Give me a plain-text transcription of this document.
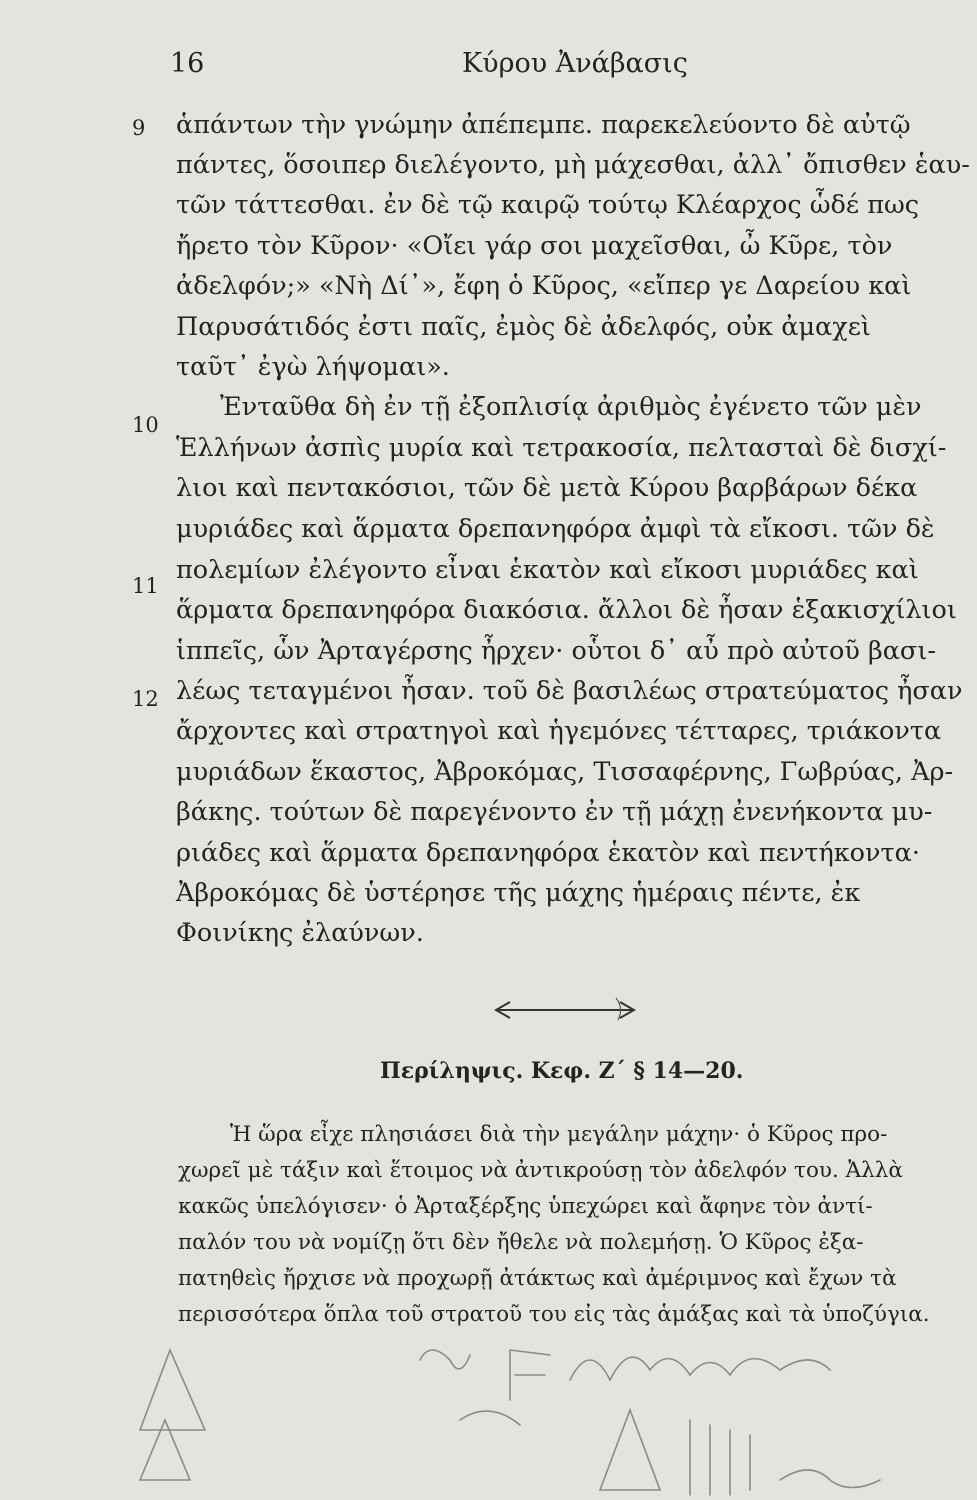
16	Κύρου Ἀνάβασις
9
10
11
12
ἁπάντων τὴν γνώμην ἀπέπεμπε. παρεκελεύοντο δὲ αὐτῷ
πάντες, ὅσοιπερ διελέγοντο, μὴ μάχεσθαι, ἀλλ᾽ ὄπισθεν ἑαυ-
τῶν τάττεσθαι. ἐν δὲ τῷ καιρῷ τούτῳ Κλέαρχος ὧδέ πως
ἤρετο τὸν Κῦρον· «Οἴει γάρ σοι μαχεῖσθαι, ὦ Κῦρε, τὸν
ἀδελφόν;» «Νὴ Δί᾽», ἔφη ὁ Κῦρος, «εἴπερ γε Δαρείου καὶ
Παρυσάτιδός ἐστι παῖς, ἐμὸς δὲ ἀδελφός, οὐκ ἀμαχεὶ
ταῦτ᾽ ἐγὼ λήψομαι».
Ἐνταῦθα δὴ ἐν τῇ ἐξοπλισίᾳ ἀριθμὸς ἐγένετο τῶν μὲν
Ἑλλήνων ἀσπὶς μυρία καὶ τετρακοσία, πελτασταὶ δὲ δισχί-
λιοι καὶ πεντακόσιοι, τῶν δὲ μετὰ Κύρου βαρβάρων δέκα
μυριάδες καὶ ἅρματα δρεπανηφόρα ἀμφὶ τὰ εἴκοσι. τῶν δὲ
πολεμίων ἐλέγοντο εἶναι ἑκατὸν καὶ εἴκοσι μυριάδες καὶ
ἅρματα δρεπανηφόρα διακόσια. ἄλλοι δὲ ἦσαν ἑξακισχίλιοι
ἱππεῖς, ὧν Ἀρταγέρσης ἦρχεν· οὗτοι δ᾽ αὖ πρὸ αὐτοῦ βασι-
λέως τεταγμένοι ἦσαν. τοῦ δὲ βασιλέως στρατεύματος ἦσαν
ἄρχοντες καὶ στρατηγοὶ καὶ ἡγεμόνες τέτταρες, τριάκοντα
μυριάδων ἕκαστος, Ἀβροκόμας, Τισσαφέρνης, Γωβρύας, Ἀρ-
βάκης. τούτων δὲ παρεγένοντο ἐν τῇ μάχῃ ἐνενήκοντα μυ-
ριάδες καὶ ἅρματα δρεπανηφόρα ἑκατὸν καὶ πεντήκοντα·
Ἀβροκόμας δὲ ὑστέρησε τῆς μάχης ἡμέραις πέντε, ἐκ
Φοινίκης ἐλαύνων.
Περίληψις. Κεφ. Ζ΄ § 14—20.
Ἡ ὥρα εἶχε πλησιάσει διὰ τὴν μεγάλην μάχην· ὁ Κῦρος προ-
χωρεῖ μὲ τάξιν καὶ ἕτοιμος νὰ ἀντικρούσῃ τὸν ἀδελφόν του. Ἀλλὰ
κακῶς ὑπελόγισεν· ὁ Ἀρταξέρξης ὑπεχώρει καὶ ἄφηνε τὸν ἀντί-
παλόν του νὰ νομίζῃ ὅτι δὲν ἤθελε νὰ πολεμήσῃ. Ὁ Κῦρος ἐξα-
πατηθεὶς ἤρχισε νὰ προχωρῇ ἀτάκτως καὶ ἀμέριμνος καὶ ἔχων τὰ
περισσότερα ὅπλα τοῦ στρατοῦ του εἰς τὰς ἁμάξας καὶ τὰ ὑποζύγια.
